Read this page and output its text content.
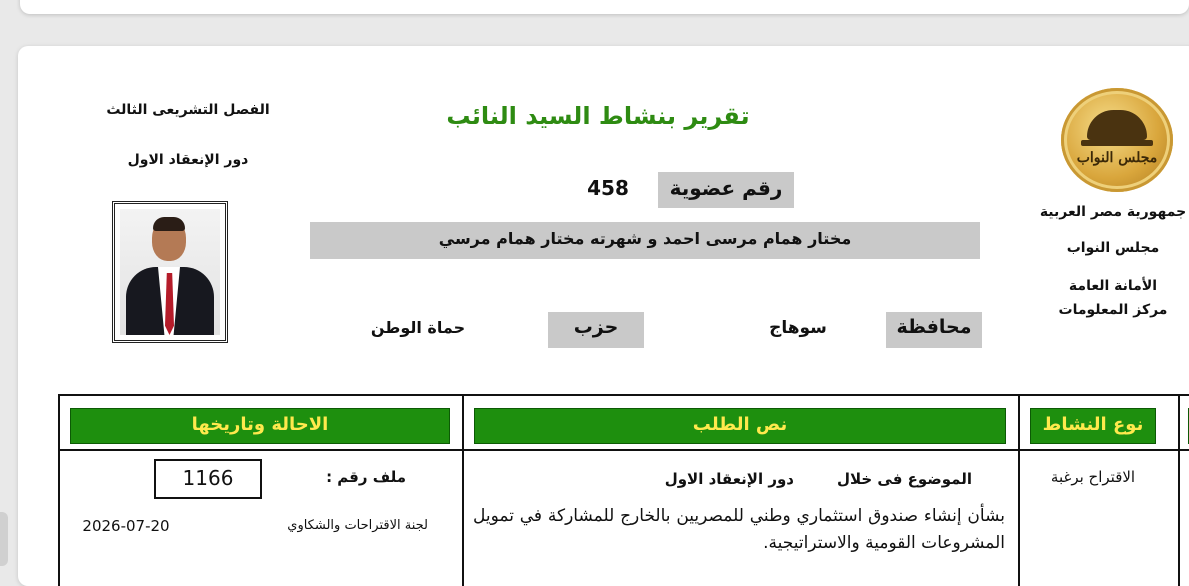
تقرير بنشاط السيد النائب
مجلس النواب
جمهورية مصر العربية
مجلس النواب
الأمانة العامة
مركز المعلومات
الفصل التشريعى الثالث
دور الإنعقاد الاول
رقم عضوية
458
مختار همام مرسى احمد و شهرته مختار همام مرسي
محافظة
سوهاج
حزب
حماة الوطن
الاحالة وتاريخها	نص الطلب	نوع النشاط
الاقتراح برغبة
الموضوع فى خلال
دور الإنعقاد الاول
بشأن إنشاء صندوق استثماري وطني للمصريين بالخارج للمشاركة في تمويل المشروعات القومية والاستراتيجية.
ملف رقم :
1166
لجنة الاقتراحات والشكاوي
2026-07-20
